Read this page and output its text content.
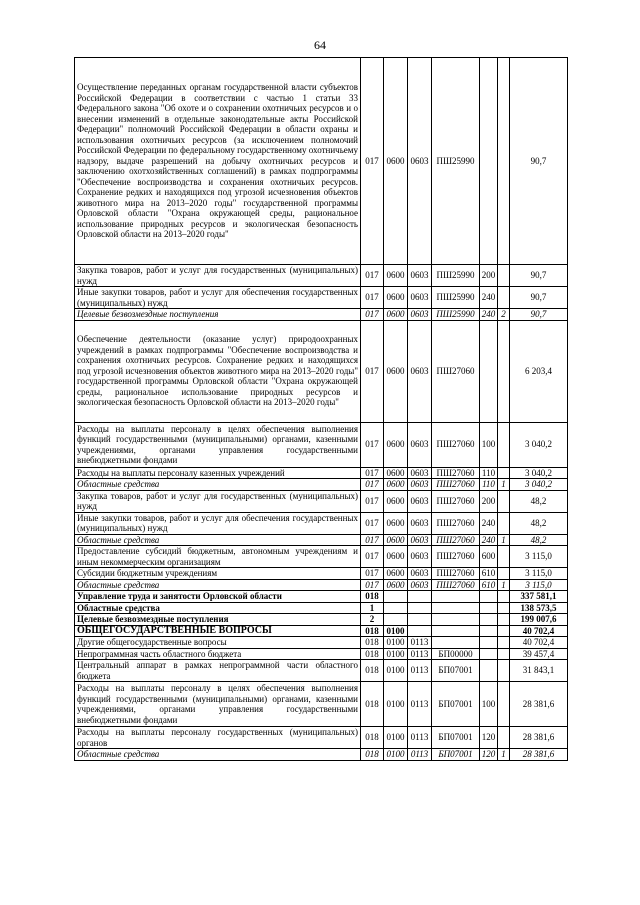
64
Осуществление переданных органам государственной власти субъектов Российской Федерации в соответствии с частью 1 статьи 33 Федерального закона "Об охоте и о сохранении охотничьих ресурсов и о внесении изменений в отдельные законодательные акты Российской Федерации" полномочий Российской Федерации в области охраны и использования охотничьих ресурсов (за исключением полномочий Российской Федерации по федеральному государственному охотничьему надзору, выдаче разрешений на добычу охотничьих ресурсов и заключению охотхозяйственных соглашений) в рамках подпрограммы "Обеспечение воспроизводства и сохранения охотничьих ресурсов. Сохранение редких и находящихся под угрозой исчезновения объектов животного мира на 2013–2020 годы" государственной программы Орловской области "Охрана окружающей среды, рациональное использование природных ресурсов и экологическая безопасность Орловской области на 2013–2020 годы"	017	0600	0603	ПШ25990			90,7
Закупка товаров, работ и услуг для государственных (муниципальных) нужд	017	0600	0603	ПШ25990	200		90,7
Иные закупки товаров, работ и услуг для обеспечения государственных (муниципальных) нужд	017	0600	0603	ПШ25990	240		90,7
Целевые безвозмездные поступления	017	0600	0603	ПШ25990	240	2	90,7
Обеспечение деятельности (оказание услуг) природоохранных учреждений в рамках подпрограммы "Обеспечение воспроизводства и сохранения охотничьих ресурсов. Сохранение редких и находящихся под угрозой исчезновения объектов животного мира на 2013–2020 годы" государственной программы Орловской области "Охрана окружающей среды, рациональное использование природных ресурсов и экологическая безопасность Орловской области на 2013–2020 годы"	017	0600	0603	ПШ27060			6 203,4
Расходы на выплаты персоналу в целях обеспечения выполнения функций государственными (муниципальными) органами, казенными учреждениями, органами управления государственными внебюджетными фондами	017	0600	0603	ПШ27060	100		3 040,2
Расходы на выплаты персоналу казенных учреждений	017	0600	0603	ПШ27060	110		3 040,2
Областные средства	017	0600	0603	ПШ27060	110	1	3 040,2
Закупка товаров, работ и услуг для государственных (муниципальных) нужд	017	0600	0603	ПШ27060	200		48,2
Иные закупки товаров, работ и услуг для обеспечения государственных (муниципальных) нужд	017	0600	0603	ПШ27060	240		48,2
Областные средства	017	0600	0603	ПШ27060	240	1	48,2
Предоставление субсидий бюджетным, автономным учреждениям и иным некоммерческим организациям	017	0600	0603	ПШ27060	600		3 115,0
Субсидии бюджетным учреждениям	017	0600	0603	ПШ27060	610		3 115,0
Областные средства	017	0600	0603	ПШ27060	610	1	3 115,0
Управление труда и занятости Орловской области	018						337 581,1
Областные средства	1						138 573,5
Целевые безвозмездные поступления	2						199 007,6
ОБЩЕГОСУДАРСТВЕННЫЕ ВОПРОСЫ	018	0100					40 702,4
Другие общегосударственные вопросы	018	0100	0113				40 702,4
Непрограммная часть областного бюджета	018	0100	0113	БП00000			39 457,4
Центральный аппарат в рамках непрограммной части областного бюджета	018	0100	0113	БП07001			31 843,1
Расходы на выплаты персоналу в целях обеспечения выполнения функций государственными (муниципальными) органами, казенными учреждениями, органами управления государственными внебюджетными фондами	018	0100	0113	БП07001	100		28 381,6
Расходы на выплаты персоналу государственных (муниципальных) органов	018	0100	0113	БП07001	120		28 381,6
Областные средства	018	0100	0113	БП07001	120	1	28 381,6
